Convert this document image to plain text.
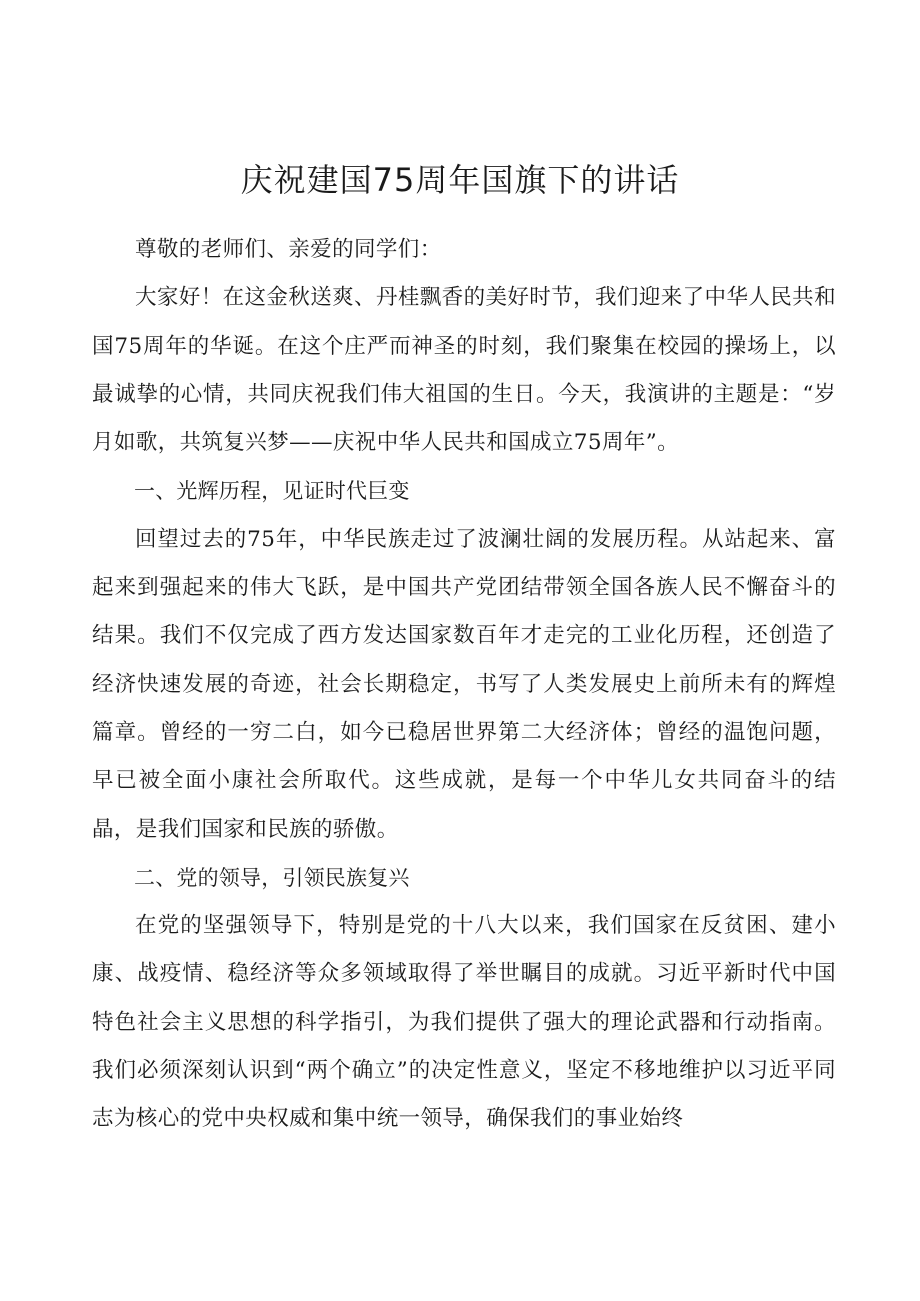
庆祝建国75周年国旗下的讲话

尊敬的老师们、亲爱的同学们：

大家好！在这金秋送爽、丹桂飘香的美好时节，我们迎来了中华人民共和国75周年的华诞。在这个庄严而神圣的时刻，我们聚集在校园的操场上，以最诚挚的心情，共同庆祝我们伟大祖国的生日。今天，我演讲的主题是：“岁月如歌，共筑复兴梦——庆祝中华人民共和国成立75周年”。

一、光辉历程，见证时代巨变

回望过去的75年，中华民族走过了波澜壮阔的发展历程。从站起来、富起来到强起来的伟大飞跃，是中国共产党团结带领全国各族人民不懈奋斗的结果。我们不仅完成了西方发达国家数百年才走完的工业化历程，还创造了经济快速发展的奇迹，社会长期稳定，书写了人类发展史上前所未有的辉煌篇章。曾经的一穷二白，如今已稳居世界第二大经济体；曾经的温饱问题，早已被全面小康社会所取代。这些成就，是每一个中华儿女共同奋斗的结晶，是我们国家和民族的骄傲。

二、党的领导，引领民族复兴

在党的坚强领导下，特别是党的十八大以来，我们国家在反贫困、建小康、战疫情、稳经济等众多领域取得了举世瞩目的成就。习近平新时代中国特色社会主义思想的科学指引，为我们提供了强大的理论武器和行动指南。我们必须深刻认识到“两个确立”的决定性意义，坚定不移地维护以习近平同志为核心的党中央权威和集中统一领导，确保我们的事业始终
